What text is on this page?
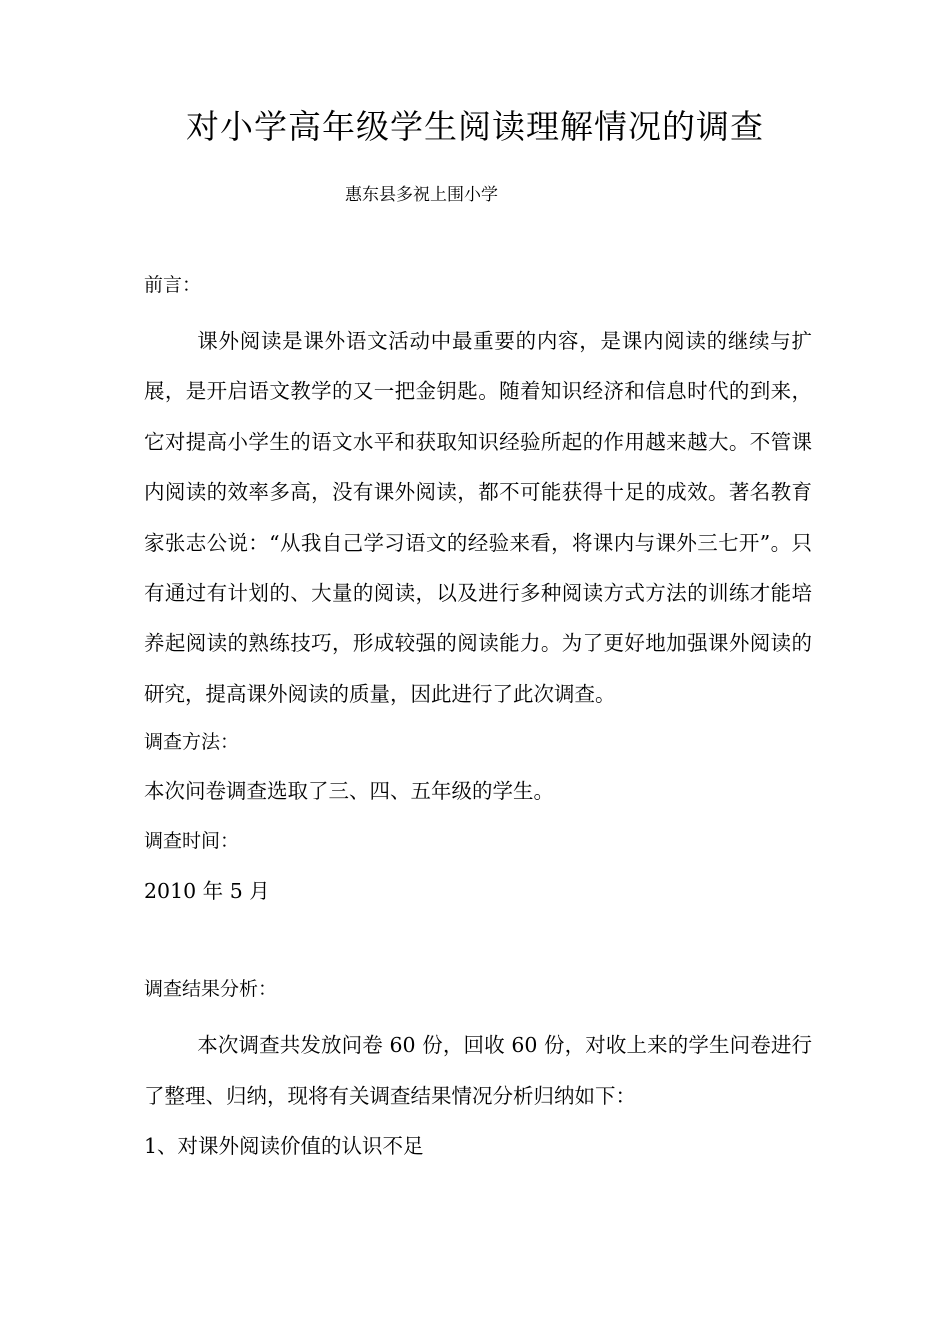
对小学高年级学生阅读理解情况的调查

惠东县多祝上围小学

前言：

课外阅读是课外语文活动中最重要的内容，是课内阅读的继续与扩展，是开启语文教学的又一把金钥匙。随着知识经济和信息时代的到来，它对提高小学生的语文水平和获取知识经验所起的作用越来越大。不管课内阅读的效率多高，没有课外阅读，都不可能获得十足的成效。著名教育家张志公说：“从我自己学习语文的经验来看，将课内与课外三七开”。只有通过有计划的、大量的阅读，以及进行多种阅读方式方法的训练才能培养起阅读的熟练技巧，形成较强的阅读能力。为了更好地加强课外阅读的研究，提高课外阅读的质量，因此进行了此次调查。

调查方法：

本次问卷调查选取了三、四、五年级的学生。

调查时间：

2010 年 5 月

调查结果分析：

本次调查共发放问卷 60 份，回收 60 份，对收上来的学生问卷进行了整理、归纳，现将有关调查结果情况分析归纳如下：

1、对课外阅读价值的认识不足
